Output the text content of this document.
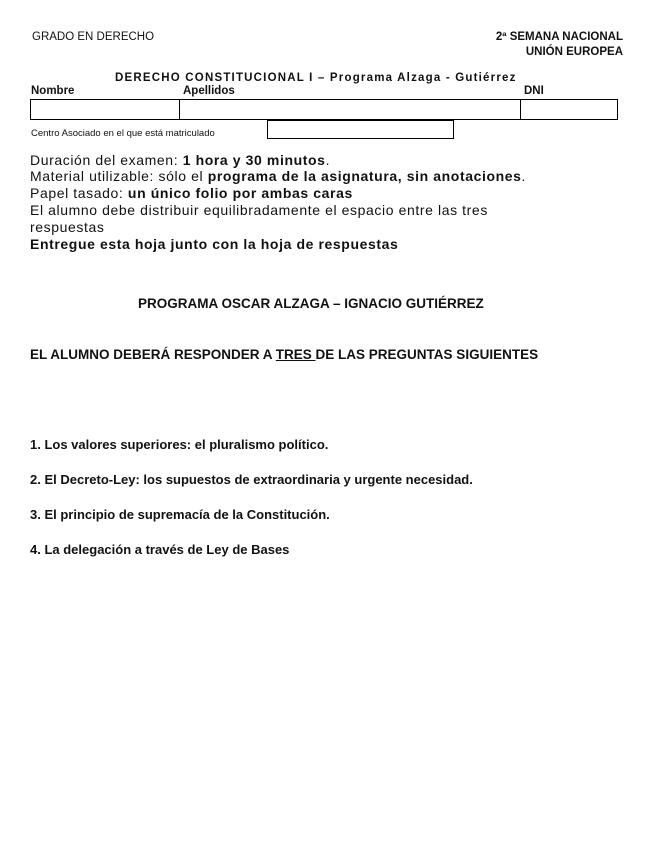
GRADO EN DERECHO	2ª SEMANA NACIONAL
UNIÓN EUROPEA
DERECHO CONSTITUCIONAL I – Programa Alzaga - Gutiérrez
Nombre	Apellidos	DNI
Centro Asociado en el que está matriculado
Duración del examen: 1 hora y 30 minutos.
Material utilizable: sólo el programa de la asignatura, sin anotaciones.
Papel tasado: un único folio por ambas caras
El alumno debe distribuir equilibradamente el espacio entre las tres
respuestas
Entregue esta hoja junto con la hoja de respuestas
PROGRAMA OSCAR ALZAGA – IGNACIO GUTIÉRREZ
EL ALUMNO DEBERÁ RESPONDER A TRES DE LAS PREGUNTAS SIGUIENTES
1. Los valores superiores: el pluralismo político.
2. El Decreto-Ley: los supuestos de extraordinaria y urgente necesidad.
3. El principio de supremacía de la Constitución.
4. La delegación a través de Ley de Bases
